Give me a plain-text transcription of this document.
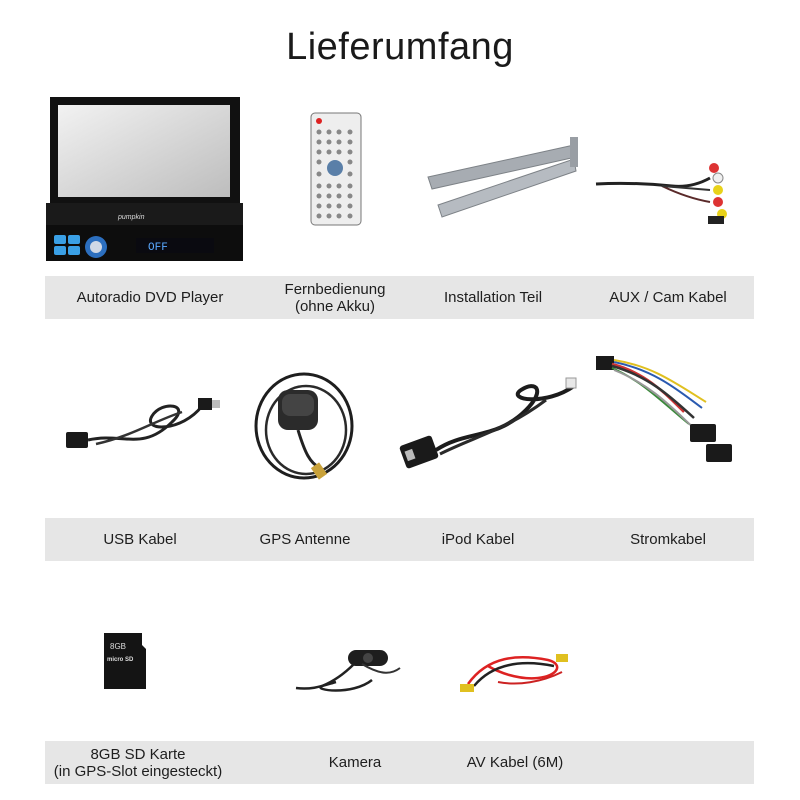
Lieferumfang
OFF
pumpkin
Autoradio DVD Player	Fernbedienung
(ohne Akku)	Installation Teil	AUX / Cam Kabel
USB Kabel	GPS Antenne	iPod Kabel	Stromkabel
8GB
micro SD
8GB SD Karte
(in GPS-Slot eingesteckt)	Kamera	AV Kabel (6M)
